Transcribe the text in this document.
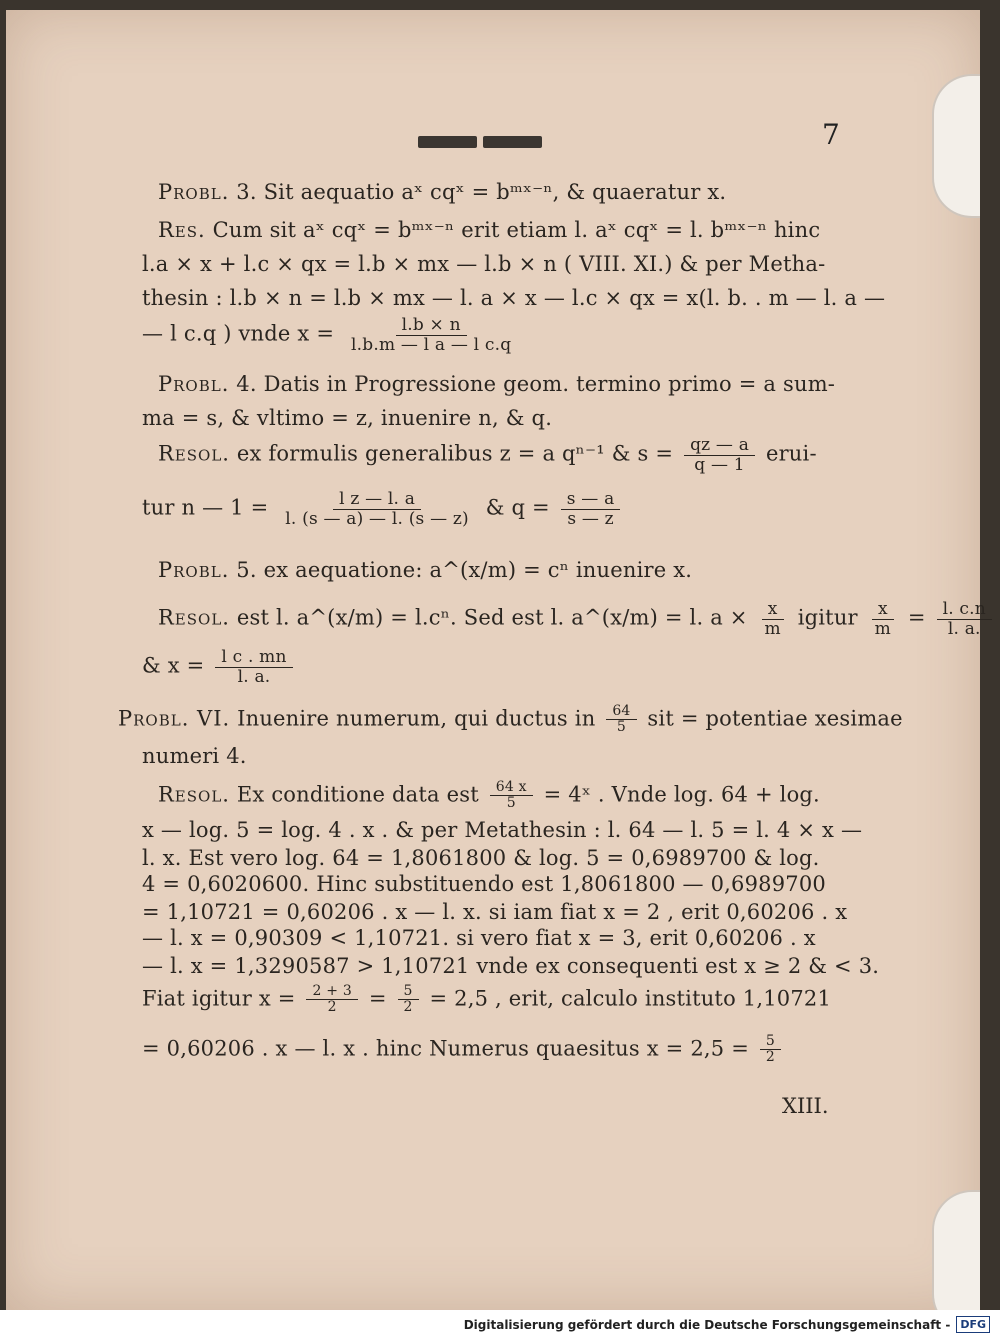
7
Probl. 3. Sit aequatio aˣ cqˣ = bᵐˣ⁻ⁿ, & quaeratur x.
Res. Cum sit aˣ cqˣ = bᵐˣ⁻ⁿ erit etiam l. aˣ cqˣ = l. bᵐˣ⁻ⁿ hinc
l.a × x + l.c × qx = l.b × mx — l.b × n ( VIII. XI.) & per Metha-
thesin : l.b × n = l.b × mx — l. a × x — l.c × qx = x(l. b. . m — l. a —
— l c.q ) vnde $x = \frac{l.b \times n}{\text{l.b.m — l a — l c.q}}$
Probl. 4. Datis in Progressione geom. termino primo = a sum-
ma = s, & vltimo = z, inuenire n, & q.
Resol. ex formulis generalibus z = a qⁿ⁻¹ & $s = \frac{qz — a}{q — 1}$ erui-
tur n — $1 = \frac{\text{l z — l. a}}{l. (s — a) — l. (s — z)}$ & $q = \frac{s — a}{s — z}$
Probl. 5. ex aequatione: a^(x/m) = cⁿ inuenire x.
Resol. est l. a^(x/m) = l.cⁿ. Sed est l. a^(x/m) = l. $a \times \frac{x}{m}$ igitur $\frac{x}{m} = \frac{l. c.n}{l. a.}$
& $x = \frac{\text{l c . mn}}{l. a.}$
Probl. VI. Inuenire numerum, qui ductus in $\frac{64}{5}$ sit = potentiae xesimae
numeri 4.
Resol. Ex conditione data est $\frac{64 x}{5}$ = 4ˣ . Vnde log. 64 + log.
x — log. 5 = log. 4 . x . & per Metathesin : l. 64 — l. 5 = l. 4 × x —
l. x. Est vero log. 64 = 1,8061800 & log. 5 = 0,6989700 & log.
4 = 0,6020600. Hinc substituendo est 1,8061800 — 0,6989700
= 1,10721 = 0,60206 . x — l. x. si iam fiat x = 2 , erit 0,60206 . x
— l. x = 0,90309 < 1,10721. si vero fiat x = 3, erit 0,60206 . x
— l. x = 1,3290587 > 1,10721 vnde ex consequenti est x ≥ 2 & < 3.
Fiat igitur $x = \frac{2 + 3}{2} = \frac{5}{2} = 2,5$ , erit, calculo instituto 1,10721
= 0,60206 . x — l. x . hinc Numerus quaesitus $x = 2,5 = \frac{5}{2}$
XIII.
Digitalisierung gefördert durch die Deutsche Forschungsgemeinschaft - DFG
